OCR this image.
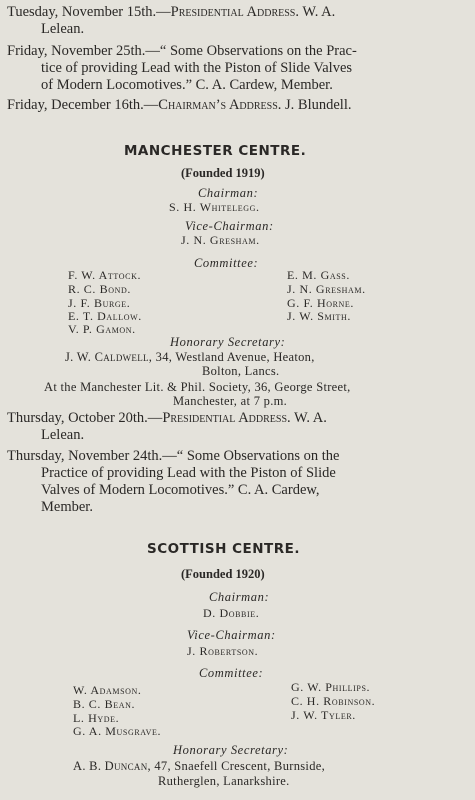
Tuesday, November 15th.—Presidential Address. W. A.
Lelean.
Friday, November 25th.—“ Some Observations on the Prac-
tice of providing Lead with the Piston of Slide Valves
of Modern Locomotives.” C. A. Cardew, Member.
Friday, December 16th.—Chairman’s Address. J. Blundell.
MANCHESTER CENTRE.
(Founded 1919)
Chairman:
S. H. Whitelegg.
Vice-Chairman:
J. N. Gresham.
Committee:
F. W. Attock.
R. C. Bond.
J. F. Burge.
E. T. Dallow.
V. P. Gamon.
E. M. Gass.
J. N. Gresham.
G. F. Horne.
J. W. Smith.
Honorary Secretary:
J. W. Caldwell, 34, Westland Avenue, Heaton,
Bolton, Lancs.
At the Manchester Lit. & Phil. Society, 36, George Street,
Manchester, at 7 p.m.
Thursday, October 20th.—Presidential Address. W. A.
Lelean.
Thursday, November 24th.—“ Some Observations on the
Practice of providing Lead with the Piston of Slide
Valves of Modern Locomotives.” C. A. Cardew,
Member.
SCOTTISH CENTRE.
(Founded 1920)
Chairman:
D. Dobbie.
Vice-Chairman:
J. Robertson.
Committee:
W. Adamson.
B. C. Bean.
L. Hyde.
G. A. Musgrave.
G. W. Phillips.
C. H. Robinson.
J. W. Tyler.
Honorary Secretary:
A. B. Duncan, 47, Snaefell Crescent, Burnside,
Rutherglen, Lanarkshire.
